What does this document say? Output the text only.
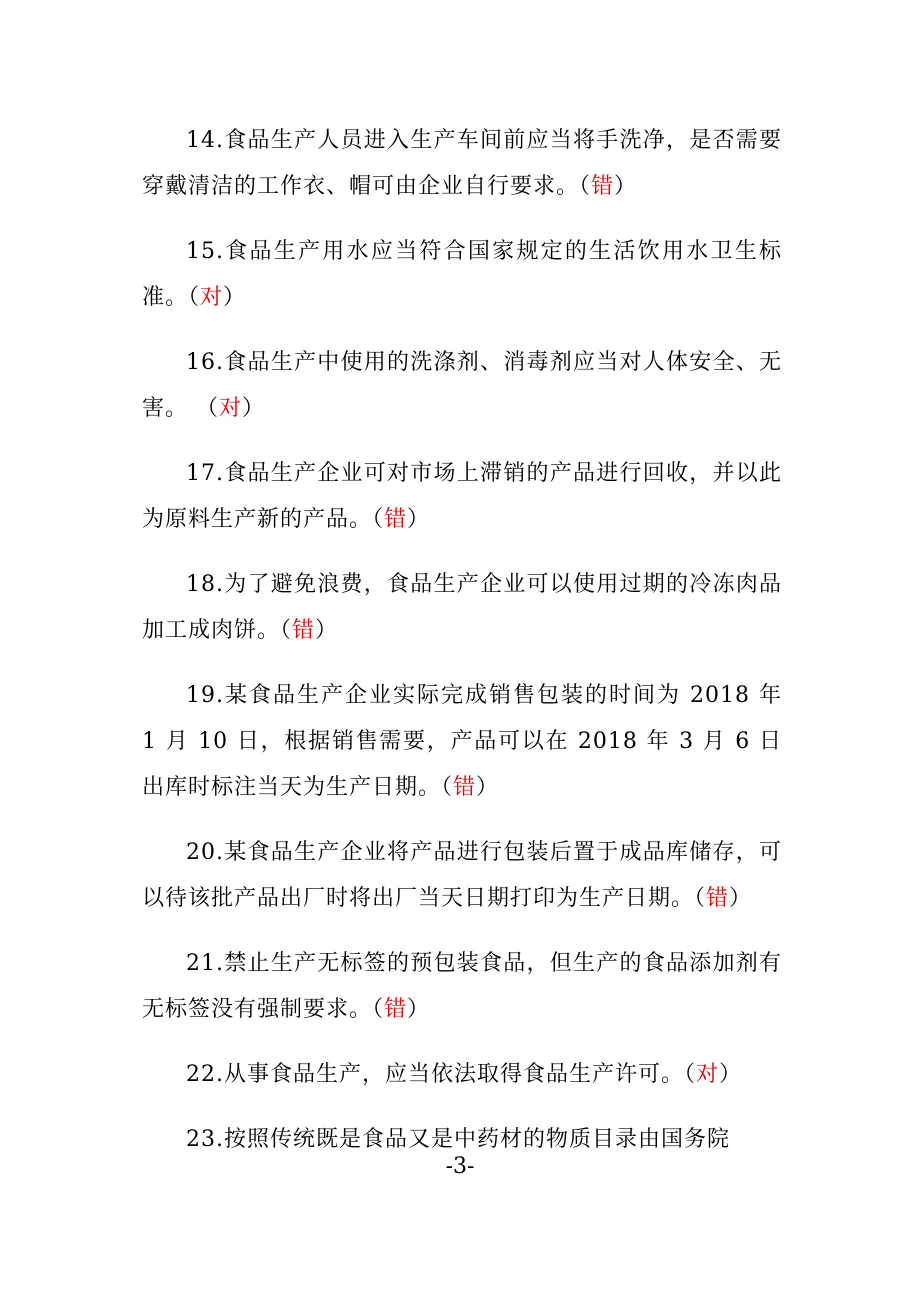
14.食品生产人员进入生产车间前应当将手洗净，是否需要穿戴清洁的工作衣、帽可由企业自行要求。（错）

15.食品生产用水应当符合国家规定的生活饮用水卫生标准。（对）

16.食品生产中使用的洗涤剂、消毒剂应当对人体安全、无害。 （对）

17.食品生产企业可对市场上滞销的产品进行回收，并以此为原料生产新的产品。（错）

18.为了避免浪费，食品生产企业可以使用过期的冷冻肉品加工成肉饼。（错）

19.某食品生产企业实际完成销售包装的时间为 2018 年 1 月 10 日，根据销售需要，产品可以在 2018 年 3 月 6 日出库时标注当天为生产日期。（错）

20.某食品生产企业将产品进行包装后置于成品库储存，可以待该批产品出厂时将出厂当天日期打印为生产日期。（错）

21.禁止生产无标签的预包装食品，但生产的食品添加剂有无标签没有强制要求。（错）

22.从事食品生产，应当依法取得食品生产许可。（对）

23.按照传统既是食品又是中药材的物质目录由国务院

-3-
